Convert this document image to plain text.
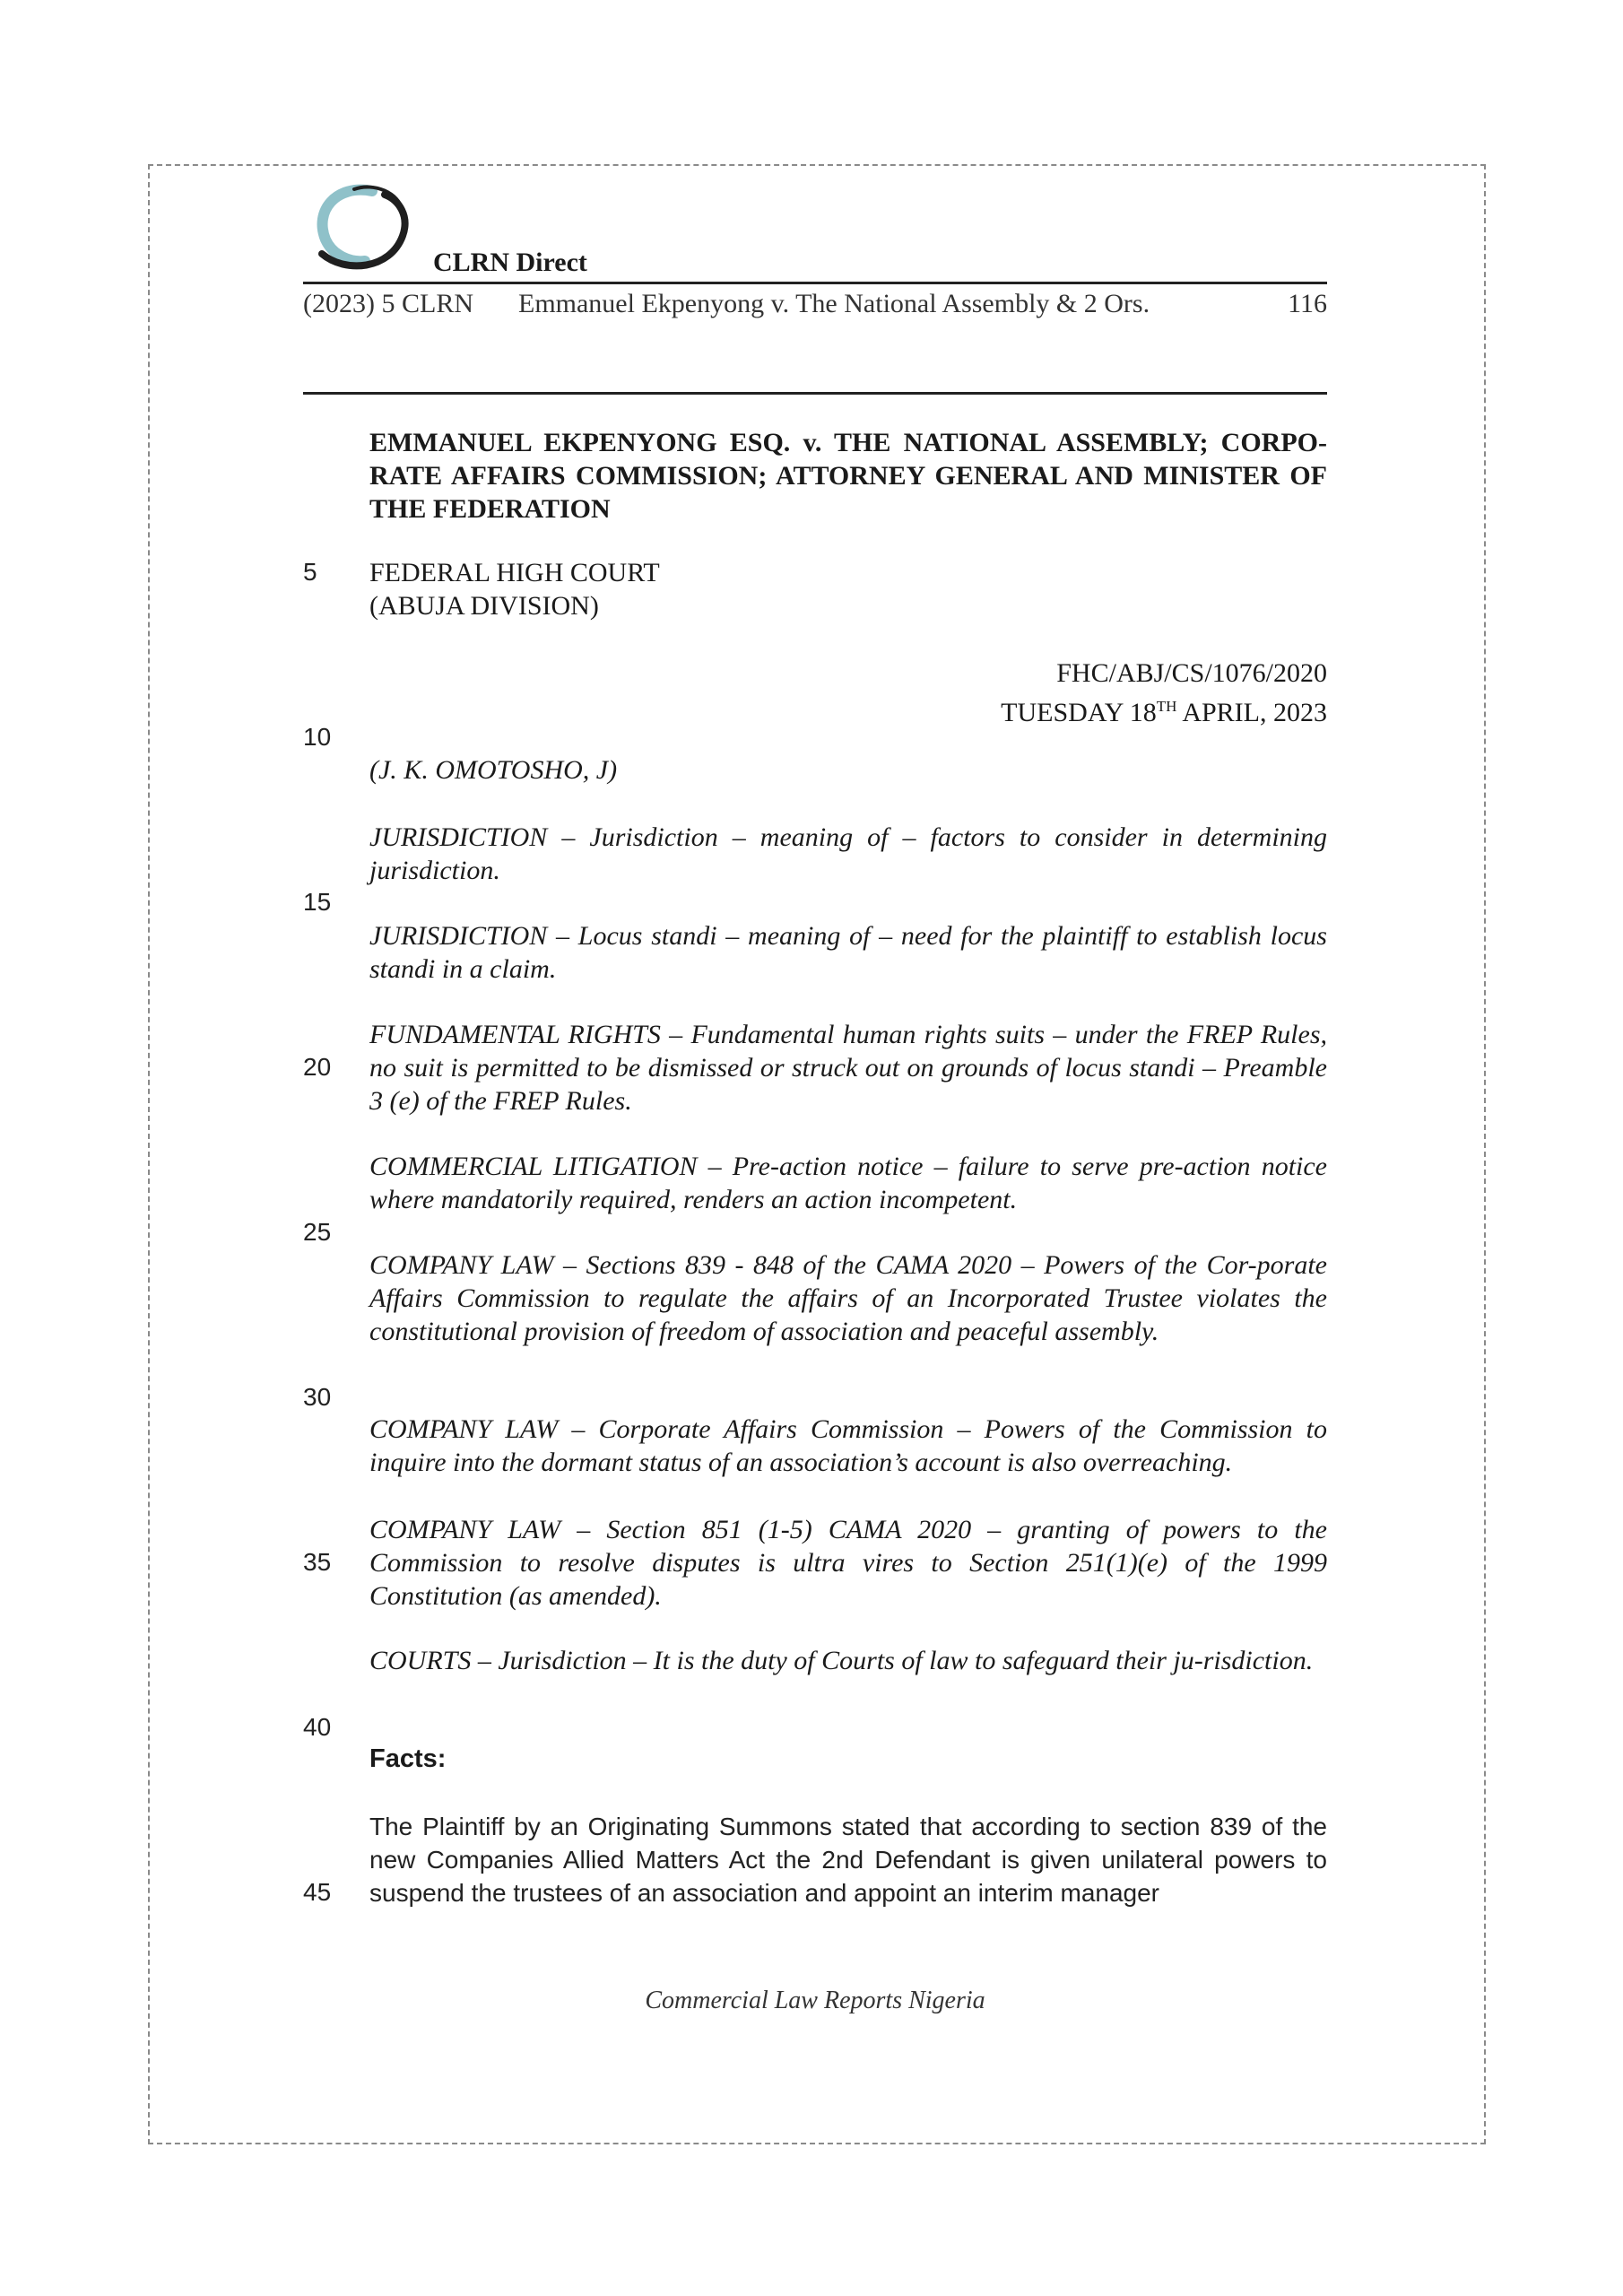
CLRN Direct
(2023) 5 CLRN	Emmanuel Ekpenyong v. The National Assembly & 2 Ors.	116
EMMANUEL EKPENYONG ESQ. v. THE NATIONAL ASSEMBLY; CORPO-RATE AFFAIRS COMMISSION; ATTORNEY GENERAL AND MINISTER OF THE FEDERATION
FEDERAL HIGH COURT
(ABUJA DIVISION)
FHC/ABJ/CS/1076/2020
TUESDAY 18TH APRIL, 2023
(J. K. OMOTOSHO, J)
JURISDICTION – Jurisdiction – meaning of – factors to consider in determining jurisdiction.
JURISDICTION – Locus standi – meaning of – need for the plaintiff to establish locus standi in a claim.
FUNDAMENTAL RIGHTS – Fundamental human rights suits – under the FREP Rules, no suit is permitted to be dismissed or struck out on grounds of locus standi – Preamble 3 (e) of the FREP Rules.
COMMERCIAL LITIGATION – Pre-action notice – failure to serve pre-action notice where mandatorily required, renders an action incompetent.
COMPANY LAW – Sections 839 - 848 of the CAMA 2020 – Powers of the Cor-porate Affairs Commission to regulate the affairs of an Incorporated Trustee violates the constitutional provision of freedom of association and peaceful assembly.
COMPANY LAW – Corporate Affairs Commission – Powers of the Commission to inquire into the dormant status of an association’s account is also overreaching.
COMPANY LAW – Section 851 (1-5) CAMA 2020 – granting of powers to the Commission to resolve disputes is ultra vires to Section 251(1)(e) of the 1999 Constitution (as amended).
COURTS – Jurisdiction – It is the duty of Courts of law to safeguard their ju-risdiction.
Facts:
The Plaintiff by an Originating Summons stated that according to section 839 of the new Companies Allied Matters Act the 2nd Defendant is given unilateral powers to suspend the trustees of an association and appoint an interim manager
5
10
15
20
25
30
35
40
45
Commercial Law Reports Nigeria
